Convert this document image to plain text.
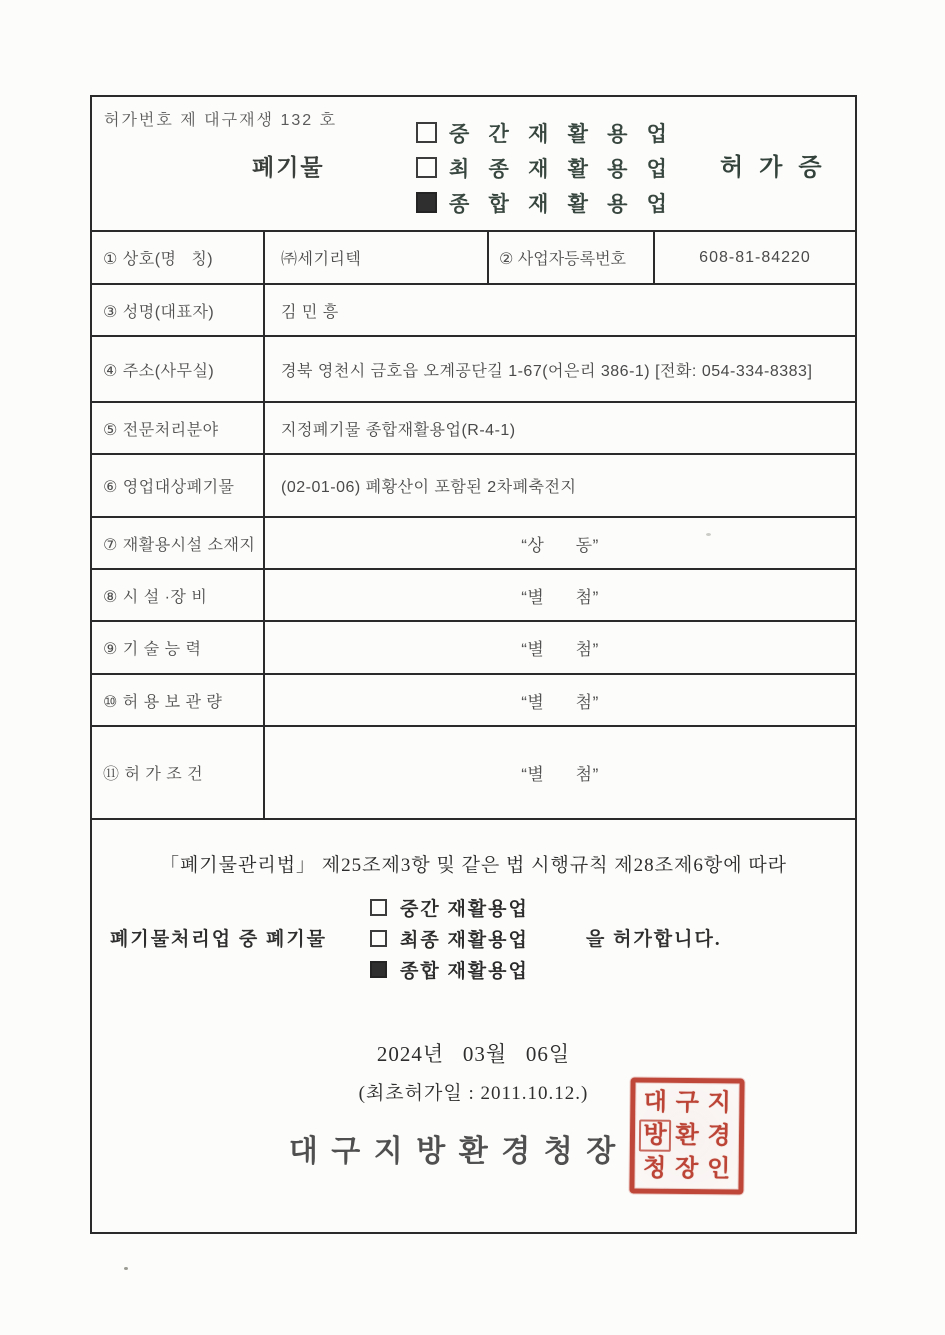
허가번호 제 대구재생 132 호
폐기물
중 간 재 활 용 업
최 종 재 활 용 업
종 합 재 활 용 업
허 가 증
① 상호(명   칭)	㈜세기리텍	② 사업자등록번호	608-81-84220
③ 성명(대표자)	김 민 흥
④ 주소(사무실)	경북 영천시 금호읍 오계공단길 1-67(어은리 386-1) [전화: 054-334-8383]
⑤ 전문처리분야	지정폐기물 종합재활용업(R-4-1)
⑥ 영업대상폐기물	(02-01-06) 폐황산이 포함된 2차폐축전지
⑦ 재활용시설 소재지	“상      동”
⑧ 시 설 ·장 비	“별      첨”
⑨ 기 술 능 력	“별      첨”
⑩ 허 용 보 관 량	“별      첨”
⑪ 허 가 조 건	“별      첨”
「폐기물관리법」 제25조제3항 및 같은 법 시행규칙 제28조제6항에 따라
폐기물처리업 중 폐기물
중간 재활용업
최종 재활용업
종합 재활용업
을 허가합니다.
2024년   03월   06일
(최초허가일 : 2011.10.12.)
대 구 지 방 환 경 청 장
대 구 지
방 환 경
청 장 인
